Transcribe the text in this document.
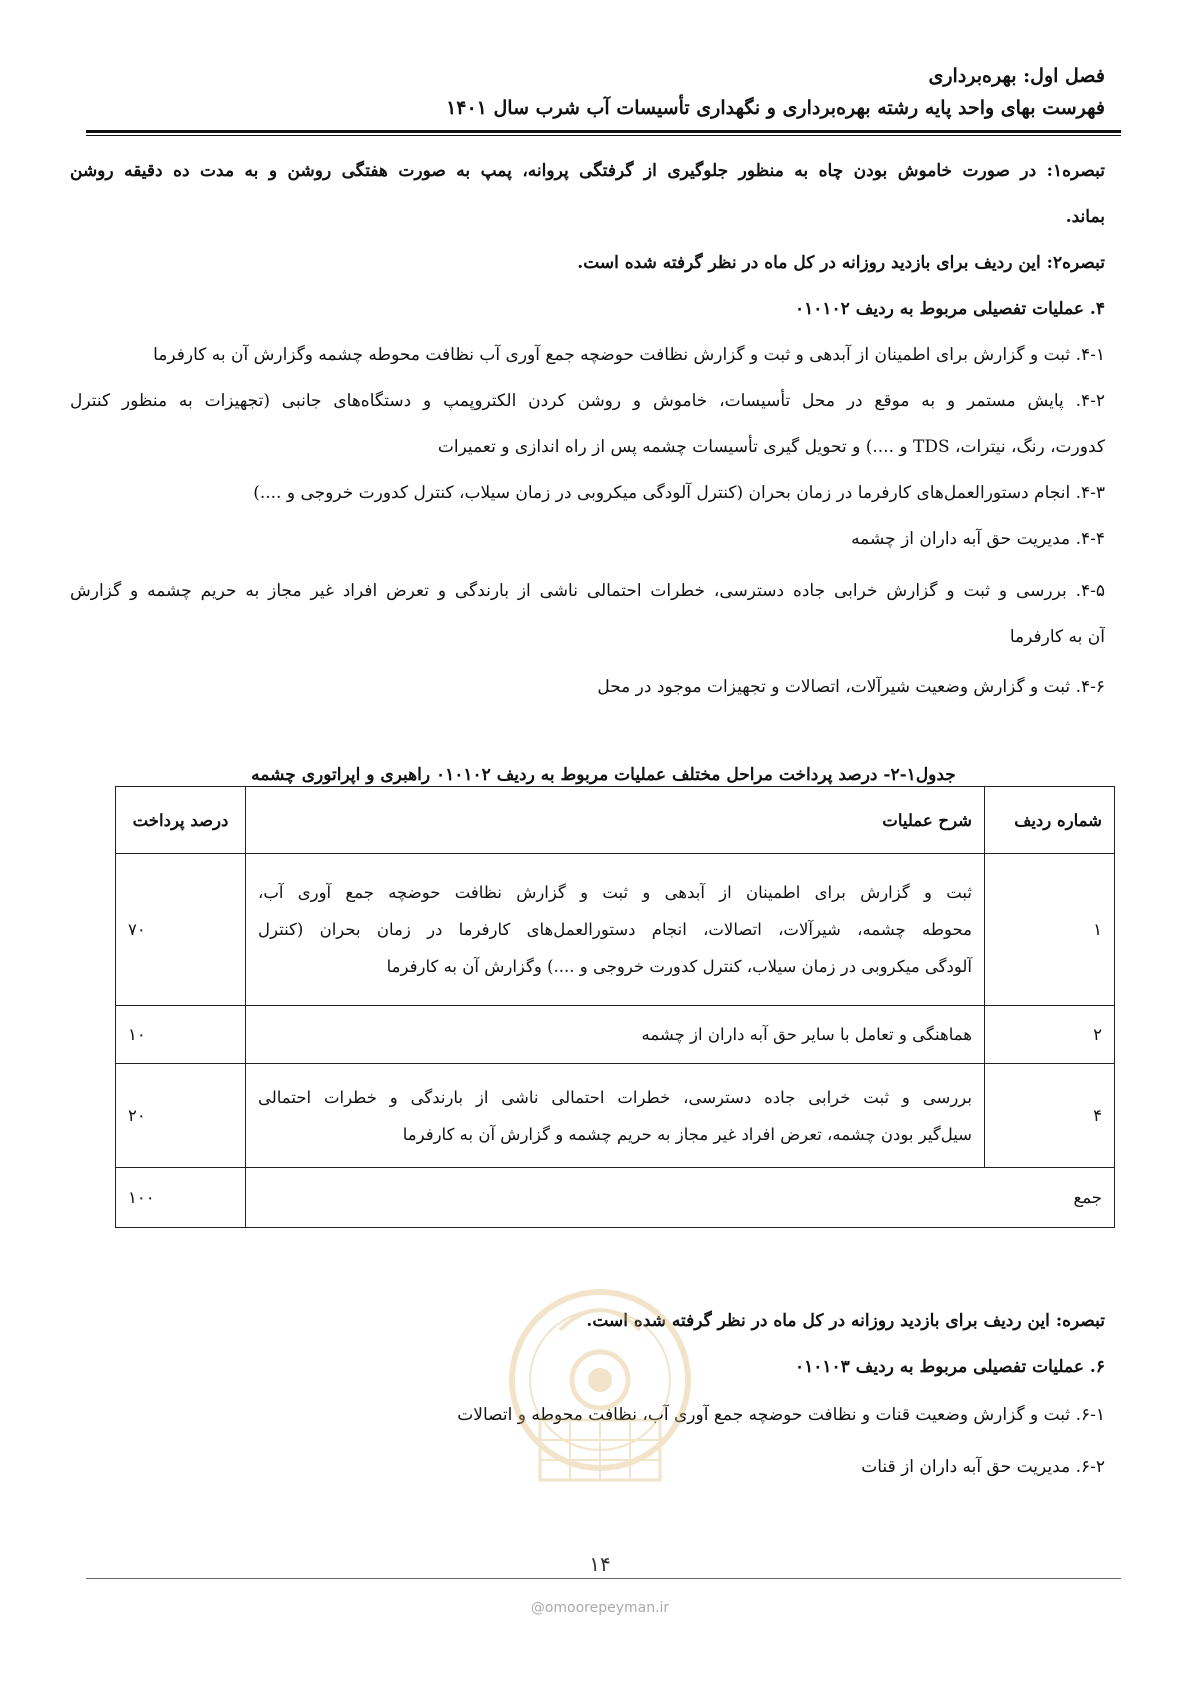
فصل اول: بهره‌برداری
فهرست بهای واحد پایه رشته بهره‌برداری و نگهداری تأسیسات آب شرب سال ۱۴۰۱
تبصره۱: در صورت خاموش بودن چاه به منظور جلوگیری از گرفتگی پروانه، پمپ به صورت هفتگی روشن و به مدت ده دقیقه روشن
بماند.
تبصره۲: این ردیف برای بازدید روزانه در کل ماه در نظر گرفته شده است.
۴. عملیات تفصیلی مربوط به ردیف ۰۱۰۱۰۲
۴-۱. ثبت و گزارش برای اطمینان از آبدهی و ثبت و گزارش نظافت حوضچه جمع آوری آب نظافت محوطه چشمه وگزارش آن به کارفرما
۴-۲. پایش مستمر و به موقع در محل تأسیسات، خاموش و روشن کردن الکتروپمپ و دستگاه‌های جانبی (تجهیزات به منظور کنترل
کدورت، رنگ، نیترات، TDS و ....) و تحویل گیری تأسیسات چشمه پس از راه اندازی و تعمیرات
۴-۳. انجام دستورالعمل‌های کارفرما در زمان بحران (کنترل آلودگی میکروبی در زمان سیلاب، کنترل کدورت خروجی و ....)
۴-۴. مدیریت حق آبه داران از چشمه
۴-۵. بررسی و ثبت و گزارش خرابی جاده دسترسی، خطرات احتمالی ناشی از بارندگی و تعرض افراد غیر مجاز به حریم چشمه و گزارش
آن به کارفرما
۴-۶. ثبت و گزارش وضعیت شیرآلات، اتصالات و تجهیزات موجود در محل
جدول۱-۲- درصد پرداخت مراحل مختلف عملیات مربوط به ردیف ۰۱۰۱۰۲ راهبری و اپراتوری چشمه
شماره ردیف	شرح عملیات	درصد پرداخت
۱	ثبت و گزارش برای اطمینان از آبدهی و ثبت و گزارش نظافت حوضچه جمع آوری آب،
محوطه چشمه، شیرآلات، اتصالات، انجام دستورالعمل‌های کارفرما در زمان بحران (کنترل
آلودگی میکروبی در زمان سیلاب، کنترل کدورت خروجی و ....) وگزارش آن به کارفرما	۷۰
۲	هماهنگی و تعامل با سایر حق آبه داران از چشمه	۱۰
۴	بررسی و ثبت خرابی جاده دسترسی، خطرات احتمالی ناشی از بارندگی و خطرات احتمالی
سیل‌گیر بودن چشمه، تعرض افراد غیر مجاز به حریم چشمه و گزارش آن به کارفرما	۲۰
جمع		۱۰۰
تبصره: این ردیف برای بازدید روزانه در کل ماه در نظر گرفته شده است.
۶. عملیات تفصیلی مربوط به ردیف ۰۱۰۱۰۳
۶-۱. ثبت و گزارش وضعیت قنات و نظافت حوضچه جمع آوری آب، نظافت محوطه و اتصالات
۶-۲. مدیریت حق آبه داران از قنات
۱۴
@omoorepeyman.ir
